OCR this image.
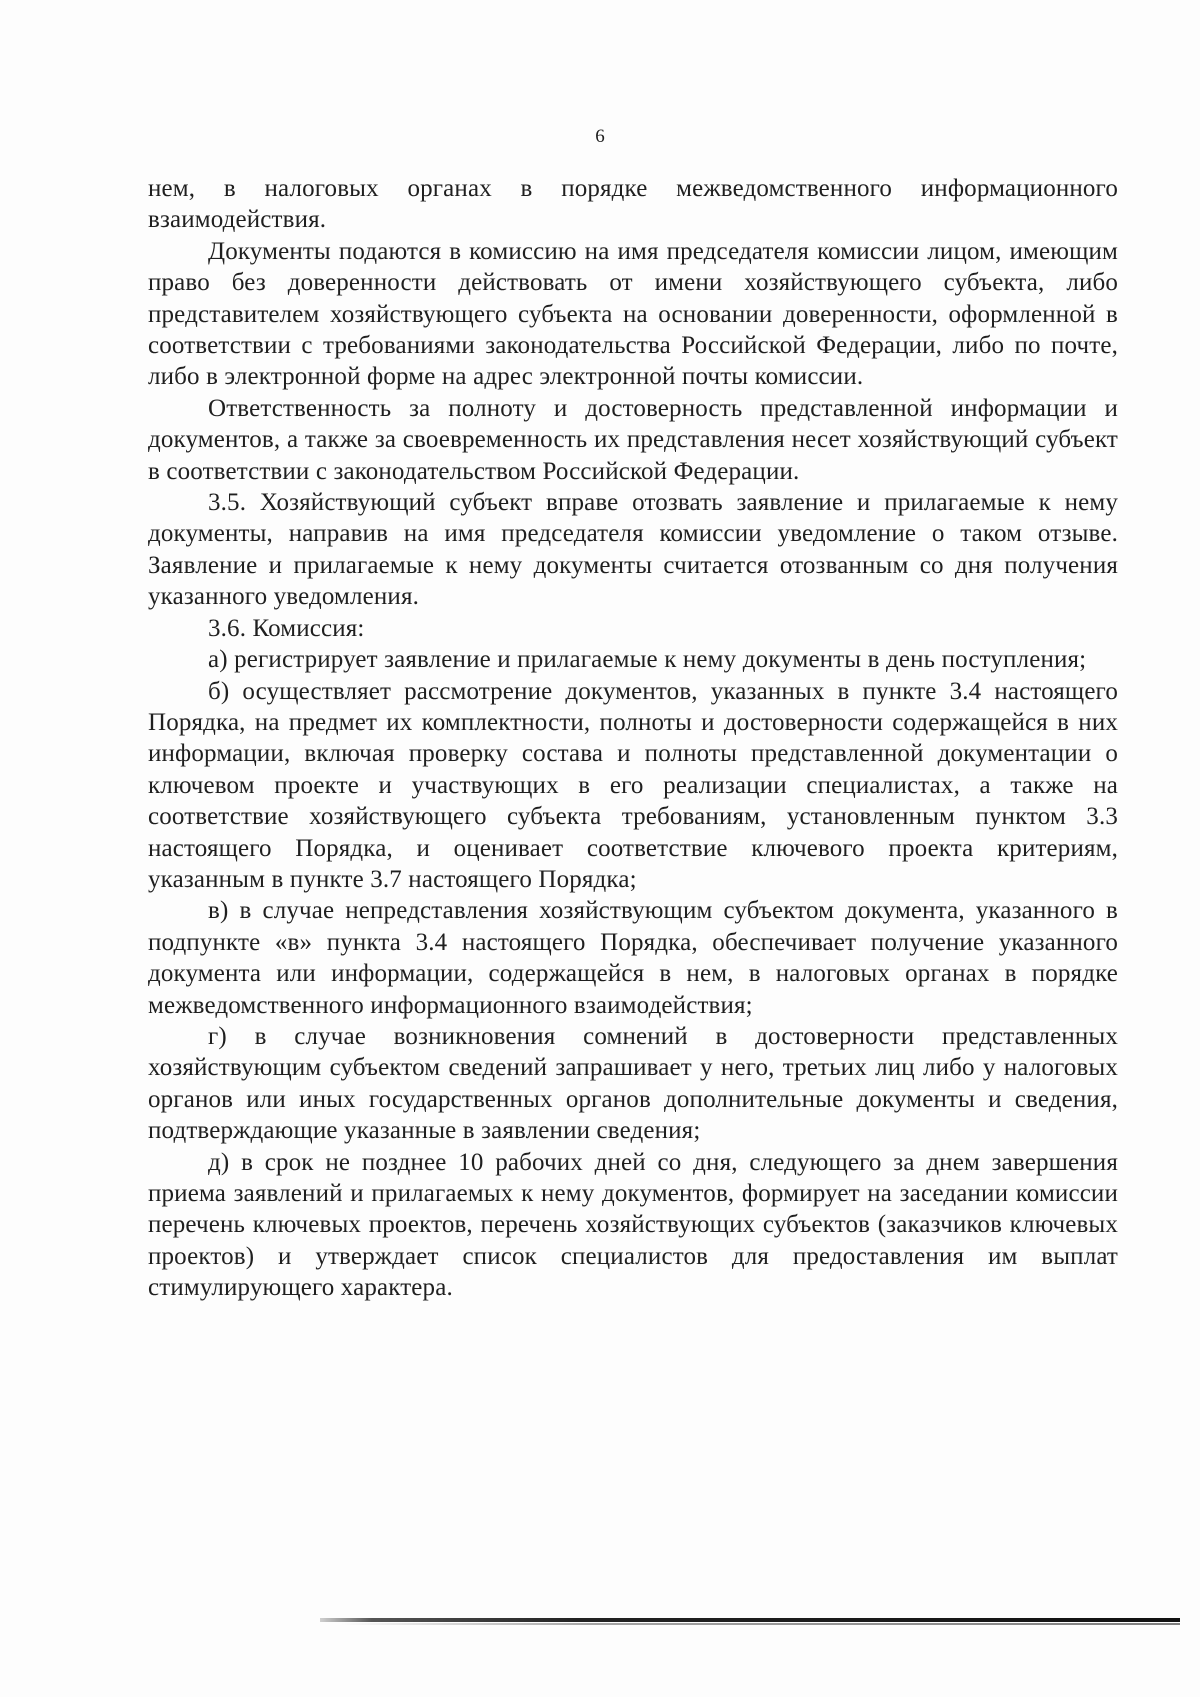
6

нем, в налоговых органах в порядке межведомственного информационного взаимодействия.

Документы подаются в комиссию на имя председателя комиссии лицом, имеющим право без доверенности действовать от имени хозяйствующего субъекта, либо представителем хозяйствующего субъекта на основании доверенности, оформленной в соответствии с требованиями законодательства Российской Федерации, либо по почте, либо в электронной форме на адрес электронной почты комиссии.

Ответственность за полноту и достоверность представленной информации и документов, а также за своевременность их представления несет хозяйствующий субъект в соответствии с законодательством Российской Федерации.

3.5. Хозяйствующий субъект вправе отозвать заявление и прилагаемые к нему документы, направив на имя председателя комиссии уведомление о таком отзыве. Заявление и прилагаемые к нему документы считается отозванным со дня получения указанного уведомления.

3.6. Комиссия:

а) регистрирует заявление и прилагаемые к нему документы в день поступления;

б) осуществляет рассмотрение документов, указанных в пункте 3.4 настоящего Порядка, на предмет их комплектности, полноты и достоверности содержащейся в них информации, включая проверку состава и полноты представленной документации о ключевом проекте и участвующих в его реализации специалистах, а также на соответствие хозяйствующего субъекта требованиям, установленным пунктом 3.3 настоящего Порядка, и оценивает соответствие ключевого проекта критериям, указанным в пункте 3.7 настоящего Порядка;

в) в случае непредставления хозяйствующим субъектом документа, указанного в подпункте «в» пункта 3.4 настоящего Порядка, обеспечивает получение указанного документа или информации, содержащейся в нем, в налоговых органах в порядке межведомственного информационного взаимодействия;

г) в случае возникновения сомнений в достоверности представленных хозяйствующим субъектом сведений запрашивает у него, третьих лиц либо у налоговых органов или иных государственных органов дополнительные документы и сведения, подтверждающие указанные в заявлении сведения;

д) в срок не позднее 10 рабочих дней со дня, следующего за днем завершения приема заявлений и прилагаемых к нему документов, формирует на заседании комиссии перечень ключевых проектов, перечень хозяйствующих субъектов (заказчиков ключевых проектов) и утверждает список специалистов для предоставления им выплат стимулирующего характера.
